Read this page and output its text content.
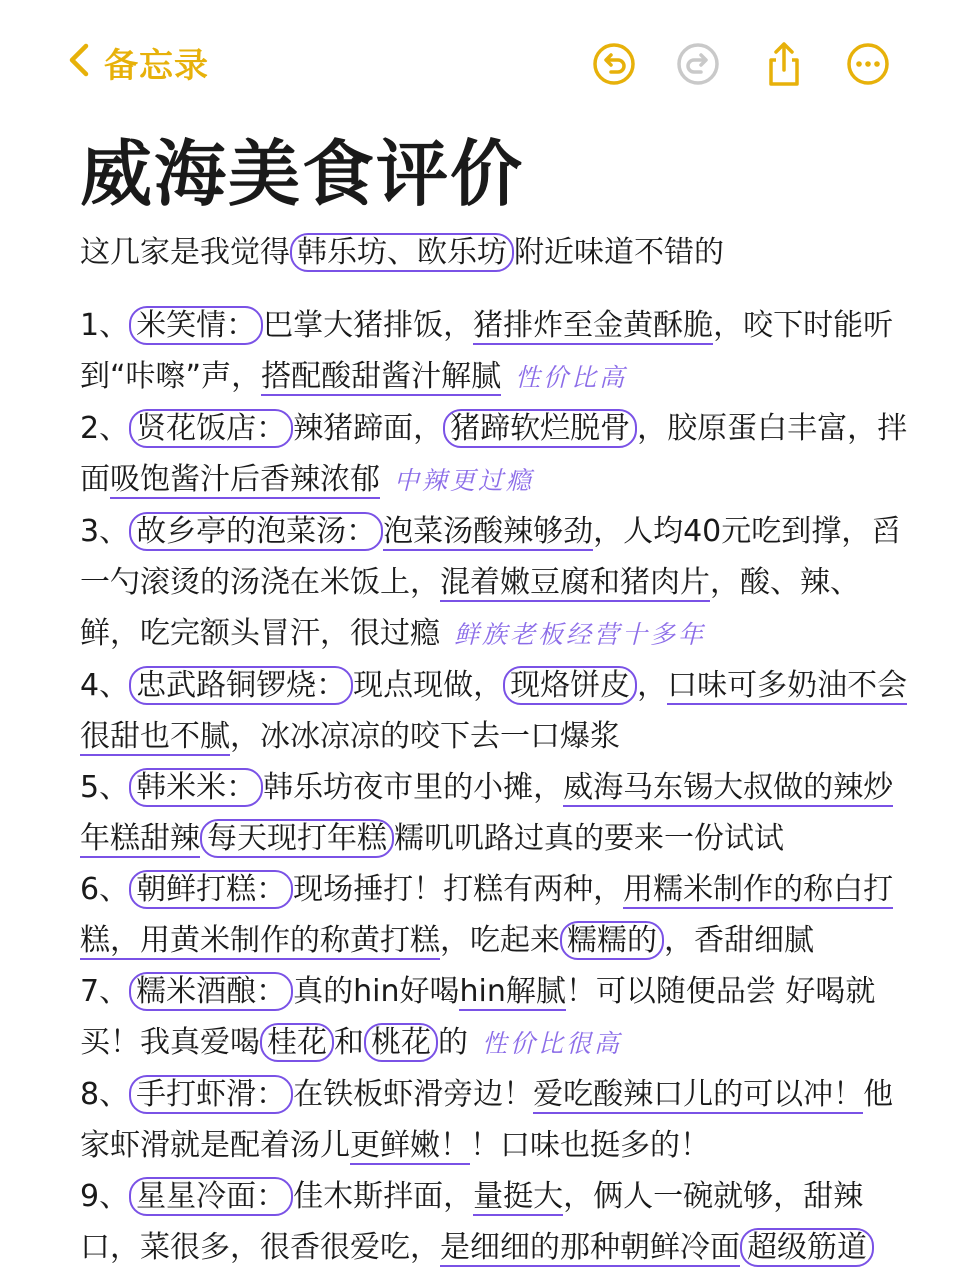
备忘录
威海美食评价
这几家是我觉得 韩乐坊、欧乐坊 附近味道不错的

1、 米笑情： 巴掌大猪排饭，猪排炸至金黄酥脆，咬下时能听到“咔嚓”声，搭配酸甜酱汁解腻 性价比高

2、 贤花饭店： 辣猪蹄面， 猪蹄软烂脱骨 ，胶原蛋白丰富，拌面吸饱酱汁后香辣浓郁 中辣更过瘾

3、 故乡亭的泡菜汤： 泡菜汤酸辣够劲，人均40元吃到撑，舀一勺滚烫的汤浇在米饭上，混着嫩豆腐和猪肉片，酸、辣、鲜，吃完额头冒汗，很过瘾 鲜族老板经营十多年

4、 忠武路铜锣烧： 现点现做， 现烙饼皮 ，口味可多奶油不会很甜也不腻，冰冰凉凉的咬下去一口爆浆

5、 韩米米： 韩乐坊夜市里的小摊，威海马东锡大叔做的辣炒年糕甜辣 每天现打年糕 糯叽叽路过真的要来一份试试

6、 朝鲜打糕： 现场捶打！打糕有两种，用糯米制作的称白打糕，用黄米制作的称黄打糕，吃起来 糯糯的 ，香甜细腻

7、 糯米酒酿： 真的hin好喝hin解腻！可以随便品尝 好喝就买！我真爱喝 桂花 和 桃花 的 性价比很高

8、 手打虾滑： 在铁板虾滑旁边！爱吃酸辣口儿的可以冲！他家虾滑就是配着汤儿更鲜嫩！！口味也挺多的！

9、 星星冷面： 佳木斯拌面，量挺大，俩人一碗就够，甜辣口，菜很多，很香很爱吃，是细细的那种朝鲜冷面 超级筋道
